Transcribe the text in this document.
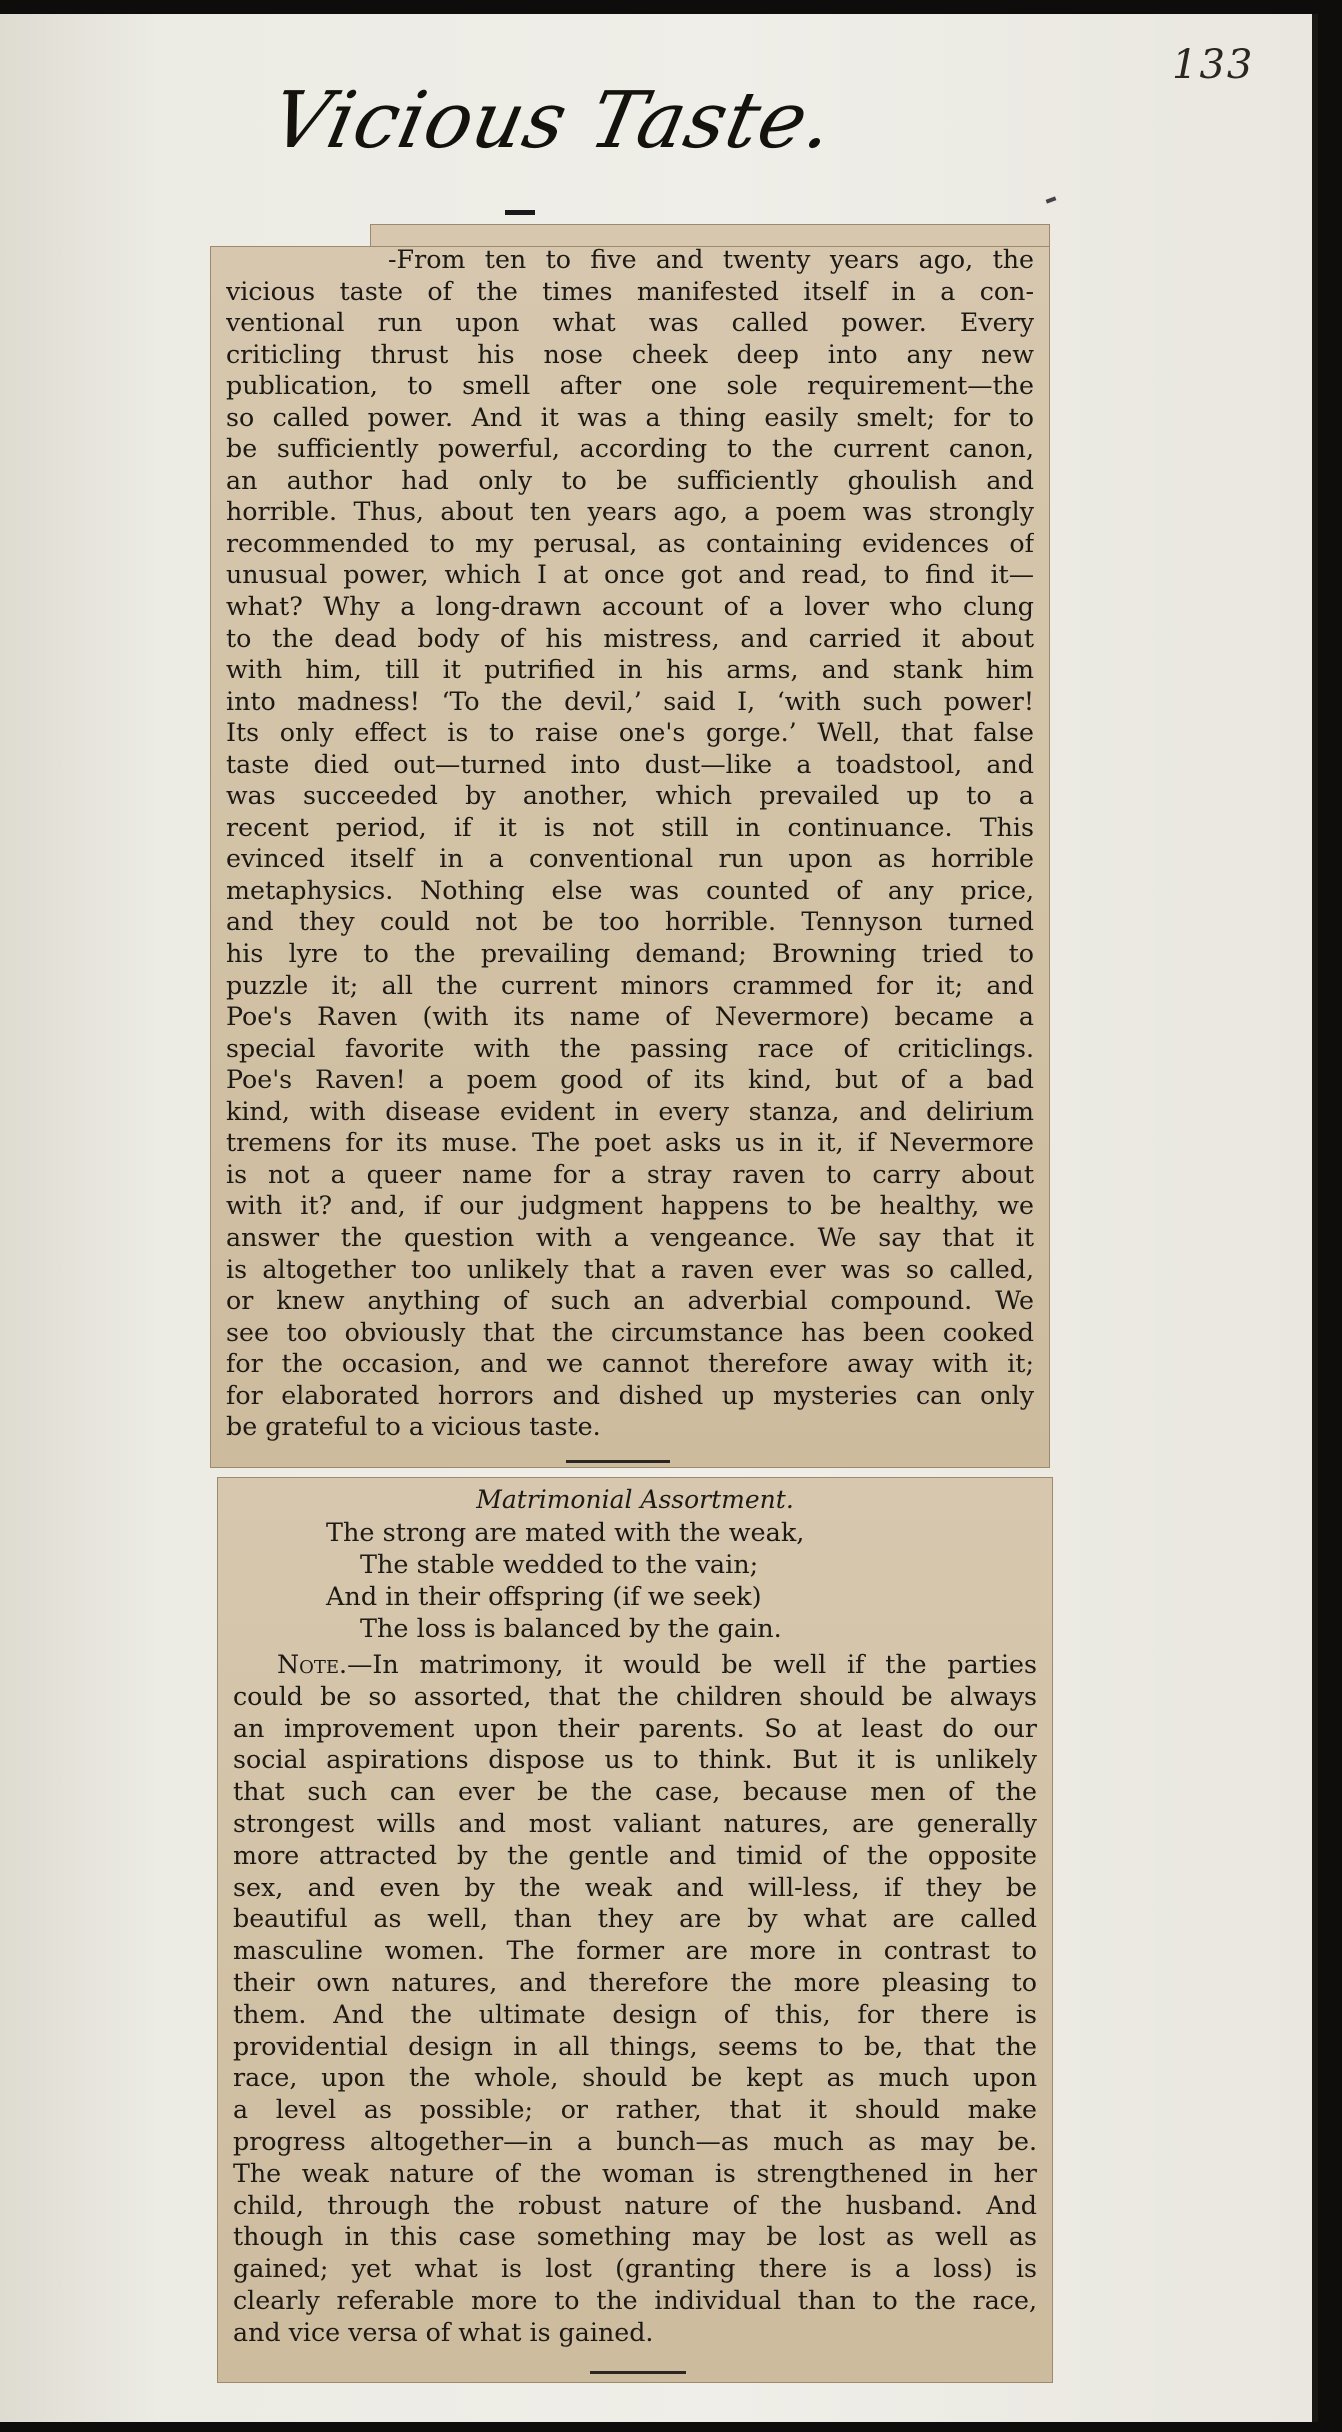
133
Vicious Taste.
-From ten to five and twenty years ago, the
vicious taste of the times manifested itself in a con-
ventional run upon what was called power. Every
criticling thrust his nose cheek deep into any new
publication, to smell after one sole requirement—the
so called power. And it was a thing easily smelt; for to
be sufficiently powerful, according to the current canon,
an author had only to be sufficiently ghoulish and
horrible. Thus, about ten years ago, a poem was strongly
recommended to my perusal, as containing evidences of
unusual power, which I at once got and read, to find it—
what? Why a long-drawn account of a lover who clung
to the dead body of his mistress, and carried it about
with him, till it putrified in his arms, and stank him
into madness! ‘To the devil,’ said I, ‘with such power!
Its only effect is to raise one's gorge.’ Well, that false
taste died out—turned into dust—like a toadstool, and
was succeeded by another, which prevailed up to a
recent period, if it is not still in continuance. This
evinced itself in a conventional run upon as horrible
metaphysics. Nothing else was counted of any price,
and they could not be too horrible. Tennyson turned
his lyre to the prevailing demand; Browning tried to
puzzle it; all the current minors crammed for it; and
Poe's Raven (with its name of Nevermore) became a
special favorite with the passing race of criticlings.
Poe's Raven! a poem good of its kind, but of a bad
kind, with disease evident in every stanza, and delirium
tremens for its muse. The poet asks us in it, if Nevermore
is not a queer name for a stray raven to carry about
with it? and, if our judgment happens to be healthy, we
answer the question with a vengeance. We say that it
is altogether too unlikely that a raven ever was so called,
or knew anything of such an adverbial compound. We
see too obviously that the circumstance has been cooked
for the occasion, and we cannot therefore away with it;
for elaborated horrors and dished up mysteries can only
be grateful to a vicious taste.
Matrimonial Assortment.
The strong are mated with the weak,
The stable wedded to the vain;
And in their offspring (if we seek)
The loss is balanced by the gain.
Note.—In matrimony, it would be well if the parties
could be so assorted, that the children should be always
an improvement upon their parents. So at least do our
social aspirations dispose us to think. But it is unlikely
that such can ever be the case, because men of the
strongest wills and most valiant natures, are generally
more attracted by the gentle and timid of the opposite
sex, and even by the weak and will-less, if they be
beautiful as well, than they are by what are called
masculine women. The former are more in contrast to
their own natures, and therefore the more pleasing to
them. And the ultimate design of this, for there is
providential design in all things, seems to be, that the
race, upon the whole, should be kept as much upon
a level as possible; or rather, that it should make
progress altogether—in a bunch—as much as may be.
The weak nature of the woman is strengthened in her
child, through the robust nature of the husband. And
though in this case something may be lost as well as
gained; yet what is lost (granting there is a loss) is
clearly referable more to the individual than to the race,
and vice versa of what is gained.
